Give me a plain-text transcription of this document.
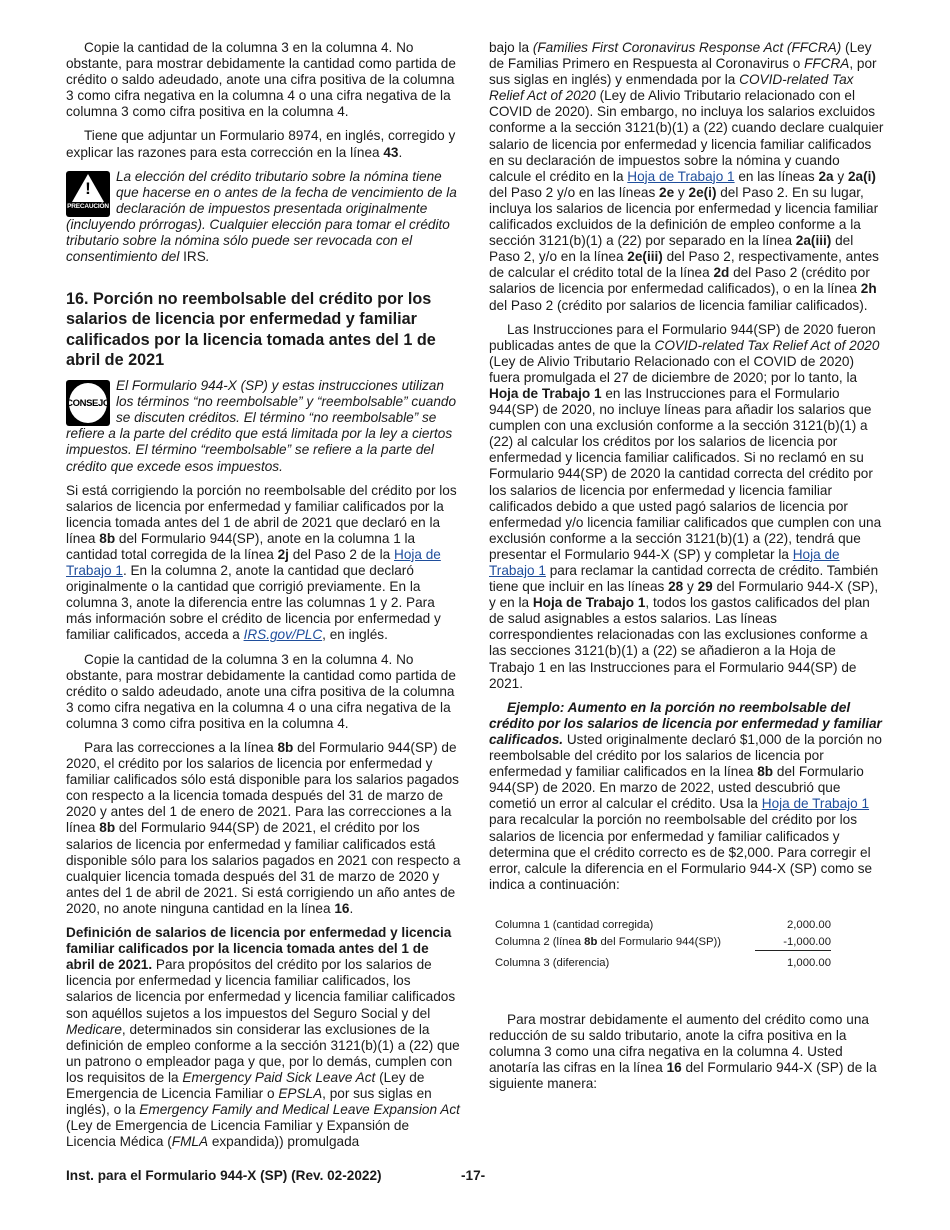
Copie la cantidad de la columna 3 en la columna 4. No obstante, para mostrar debidamente la cantidad como partida de crédito o saldo adeudado, anote una cifra positiva de la columna 3 como cifra negativa en la columna 4 o una cifra negativa de la columna 3 como cifra positiva en la columna 4.

Tiene que adjuntar un Formulario 8974, en inglés, corregido y explicar las razones para esta corrección en la línea 43.

!
PRECAUCIÓN
La elección del crédito tributario sobre la nómina tiene que hacerse en o antes de la fecha de vencimiento de la declaración de impuestos presentada originalmente (incluyendo prórrogas). Cualquier elección para tomar el crédito tributario sobre la nómina sólo puede ser revocada con el consentimiento del IRS.
16. Porción no reembolsable del crédito por los salarios de licencia por enfermedad y familiar calificados por la licencia tomada antes del 1 de abril de 2021
CONSEJO
El Formulario 944-X (SP) y estas instrucciones utilizan los términos “no reembolsable” y “reembolsable” cuando se discuten créditos. El término “no reembolsable” se refiere a la parte del crédito que está limitada por la ley a ciertos impuestos. El término “reembolsable” se refiere a la parte del crédito que excede esos impuestos.

Si está corrigiendo la porción no reembolsable del crédito por los salarios de licencia por enfermedad y familiar calificados por la licencia tomada antes del 1 de abril de 2021 que declaró en la línea 8b del Formulario 944(SP), anote en la columna 1 la cantidad total corregida de la línea 2j del Paso 2 de la Hoja de Trabajo 1. En la columna 2, anote la cantidad que declaró originalmente o la cantidad que corrigió previamente. En la columna 3, anote la diferencia entre las columnas 1 y 2. Para más información sobre el crédito de licencia por enfermedad y familiar calificados, acceda a IRS.gov/PLC, en inglés.

Copie la cantidad de la columna 3 en la columna 4. No obstante, para mostrar debidamente la cantidad como partida de crédito o saldo adeudado, anote una cifra positiva de la columna 3 como cifra negativa en la columna 4 o una cifra negativa de la columna 3 como cifra positiva en la columna 4.

Para las correcciones a la línea 8b del Formulario 944(SP) de 2020, el crédito por los salarios de licencia por enfermedad y familiar calificados sólo está disponible para los salarios pagados con respecto a la licencia tomada después del 31 de marzo de 2020 y antes del 1 de enero de 2021. Para las correcciones a la línea 8b del Formulario 944(SP) de 2021, el crédito por los salarios de licencia por enfermedad y familiar calificados está disponible sólo para los salarios pagados en 2021 con respecto a cualquier licencia tomada después del 31 de marzo de 2020 y antes del 1 de abril de 2021. Si está corrigiendo un año antes de 2020, no anote ninguna cantidad en la línea 16.

Definición de salarios de licencia por enfermedad y licencia familiar calificados por la licencia tomada antes del 1 de abril de 2021. Para propósitos del crédito por los salarios de licencia por enfermedad y licencia familiar calificados, los salarios de licencia por enfermedad y licencia familiar calificados son aquéllos sujetos a los impuestos del Seguro Social y del Medicare, determinados sin considerar las exclusiones de la definición de empleo conforme a la sección 3121(b)(1) a (22) que un patrono o empleador paga y que, por lo demás, cumplen con los requisitos de la Emergency Paid Sick Leave Act (Ley de Emergencia de Licencia Familiar o EPSLA, por sus siglas en inglés), o la Emergency Family and Medical Leave Expansion Act (Ley de Emergencia de Licencia Familiar y Expansión de Licencia Médica (FMLA expandida)) promulgada

bajo la (Families First Coronavirus Response Act (FFCRA) (Ley de Familias Primero en Respuesta al Coronavirus o FFCRA, por sus siglas en inglés) y enmendada por la COVID-related Tax Relief Act of 2020 (Ley de Alivio Tributario relacionado con el COVID de 2020). Sin embargo, no incluya los salarios excluidos conforme a la sección 3121(b)(1) a (22) cuando declare cualquier salario de licencia por enfermedad y licencia familiar calificados en su declaración de impuestos sobre la nómina y cuando calcule el crédito en la Hoja de Trabajo 1 en las líneas 2a y 2a(i) del Paso 2 y/o en las líneas 2e y 2e(i) del Paso 2. En su lugar, incluya los salarios de licencia por enfermedad y licencia familiar calificados excluidos de la definición de empleo conforme a la sección 3121(b)(1) a (22) por separado en la línea 2a(iii) del Paso 2, y/o en la línea 2e(iii) del Paso 2, respectivamente, antes de calcular el crédito total de la línea 2d del Paso 2 (crédito por salarios de licencia por enfermedad calificados), o en la línea 2h del Paso 2 (crédito por salarios de licencia familiar calificados).

Las Instrucciones para el Formulario 944(SP) de 2020 fueron publicadas antes de que la COVID-related Tax Relief Act of 2020 (Ley de Alivio Tributario Relacionado con el COVID de 2020) fuera promulgada el 27 de diciembre de 2020; por lo tanto, la Hoja de Trabajo 1 en las Instrucciones para el Formulario 944(SP) de 2020, no incluye líneas para añadir los salarios que cumplen con una exclusión conforme a la sección 3121(b)(1) a (22) al calcular los créditos por los salarios de licencia por enfermedad y licencia familiar calificados. Si no reclamó en su Formulario 944(SP) de 2020 la cantidad correcta del crédito por los salarios de licencia por enfermedad y licencia familiar calificados debido a que usted pagó salarios de licencia por enfermedad y/o licencia familiar calificados que cumplen con una exclusión conforme a la sección 3121(b)(1) a (22), tendrá que presentar el Formulario 944-X (SP) y completar la Hoja de Trabajo 1 para reclamar la cantidad correcta de crédito. También tiene que incluir en las líneas 28 y 29 del Formulario 944-X (SP), y en la Hoja de Trabajo 1, todos los gastos calificados del plan de salud asignables a estos salarios. Las líneas correspondientes relacionadas con las exclusiones conforme a las secciones 3121(b)(1) a (22) se añadieron a la Hoja de Trabajo 1 en las Instrucciones para el Formulario 944(SP) de 2021.

Ejemplo: Aumento en la porción no reembolsable del crédito por los salarios de licencia por enfermedad y familiar calificados. Usted originalmente declaró $1,000 de la porción no reembolsable del crédito por los salarios de licencia por enfermedad y familiar calificados en la línea 8b del Formulario 944(SP) de 2020. En marzo de 2022, usted descubrió que cometió un error al calcular el crédito. Usa la Hoja de Trabajo 1 para recalcular la porción no reembolsable del crédito por los salarios de licencia por enfermedad y familiar calificados y determina que el crédito correcto es de $2,000. Para corregir el error, calcule la diferencia en el Formulario 944-X (SP) como se indica a continuación:

Columna 1 (cantidad corregida)	2,000.00
Columna 2 (línea 8b del Formulario 944(SP))	-1,000.00
Columna 3 (diferencia)	1,000.00

Para mostrar debidamente el aumento del crédito como una reducción de su saldo tributario, anote la cifra positiva en la columna 3 como una cifra negativa en la columna 4. Usted anotaría las cifras en la línea 16 del Formulario 944-X (SP) de la siguiente manera:

Inst. para el Formulario 944-X (SP) (Rev. 02-2022)	-17-
